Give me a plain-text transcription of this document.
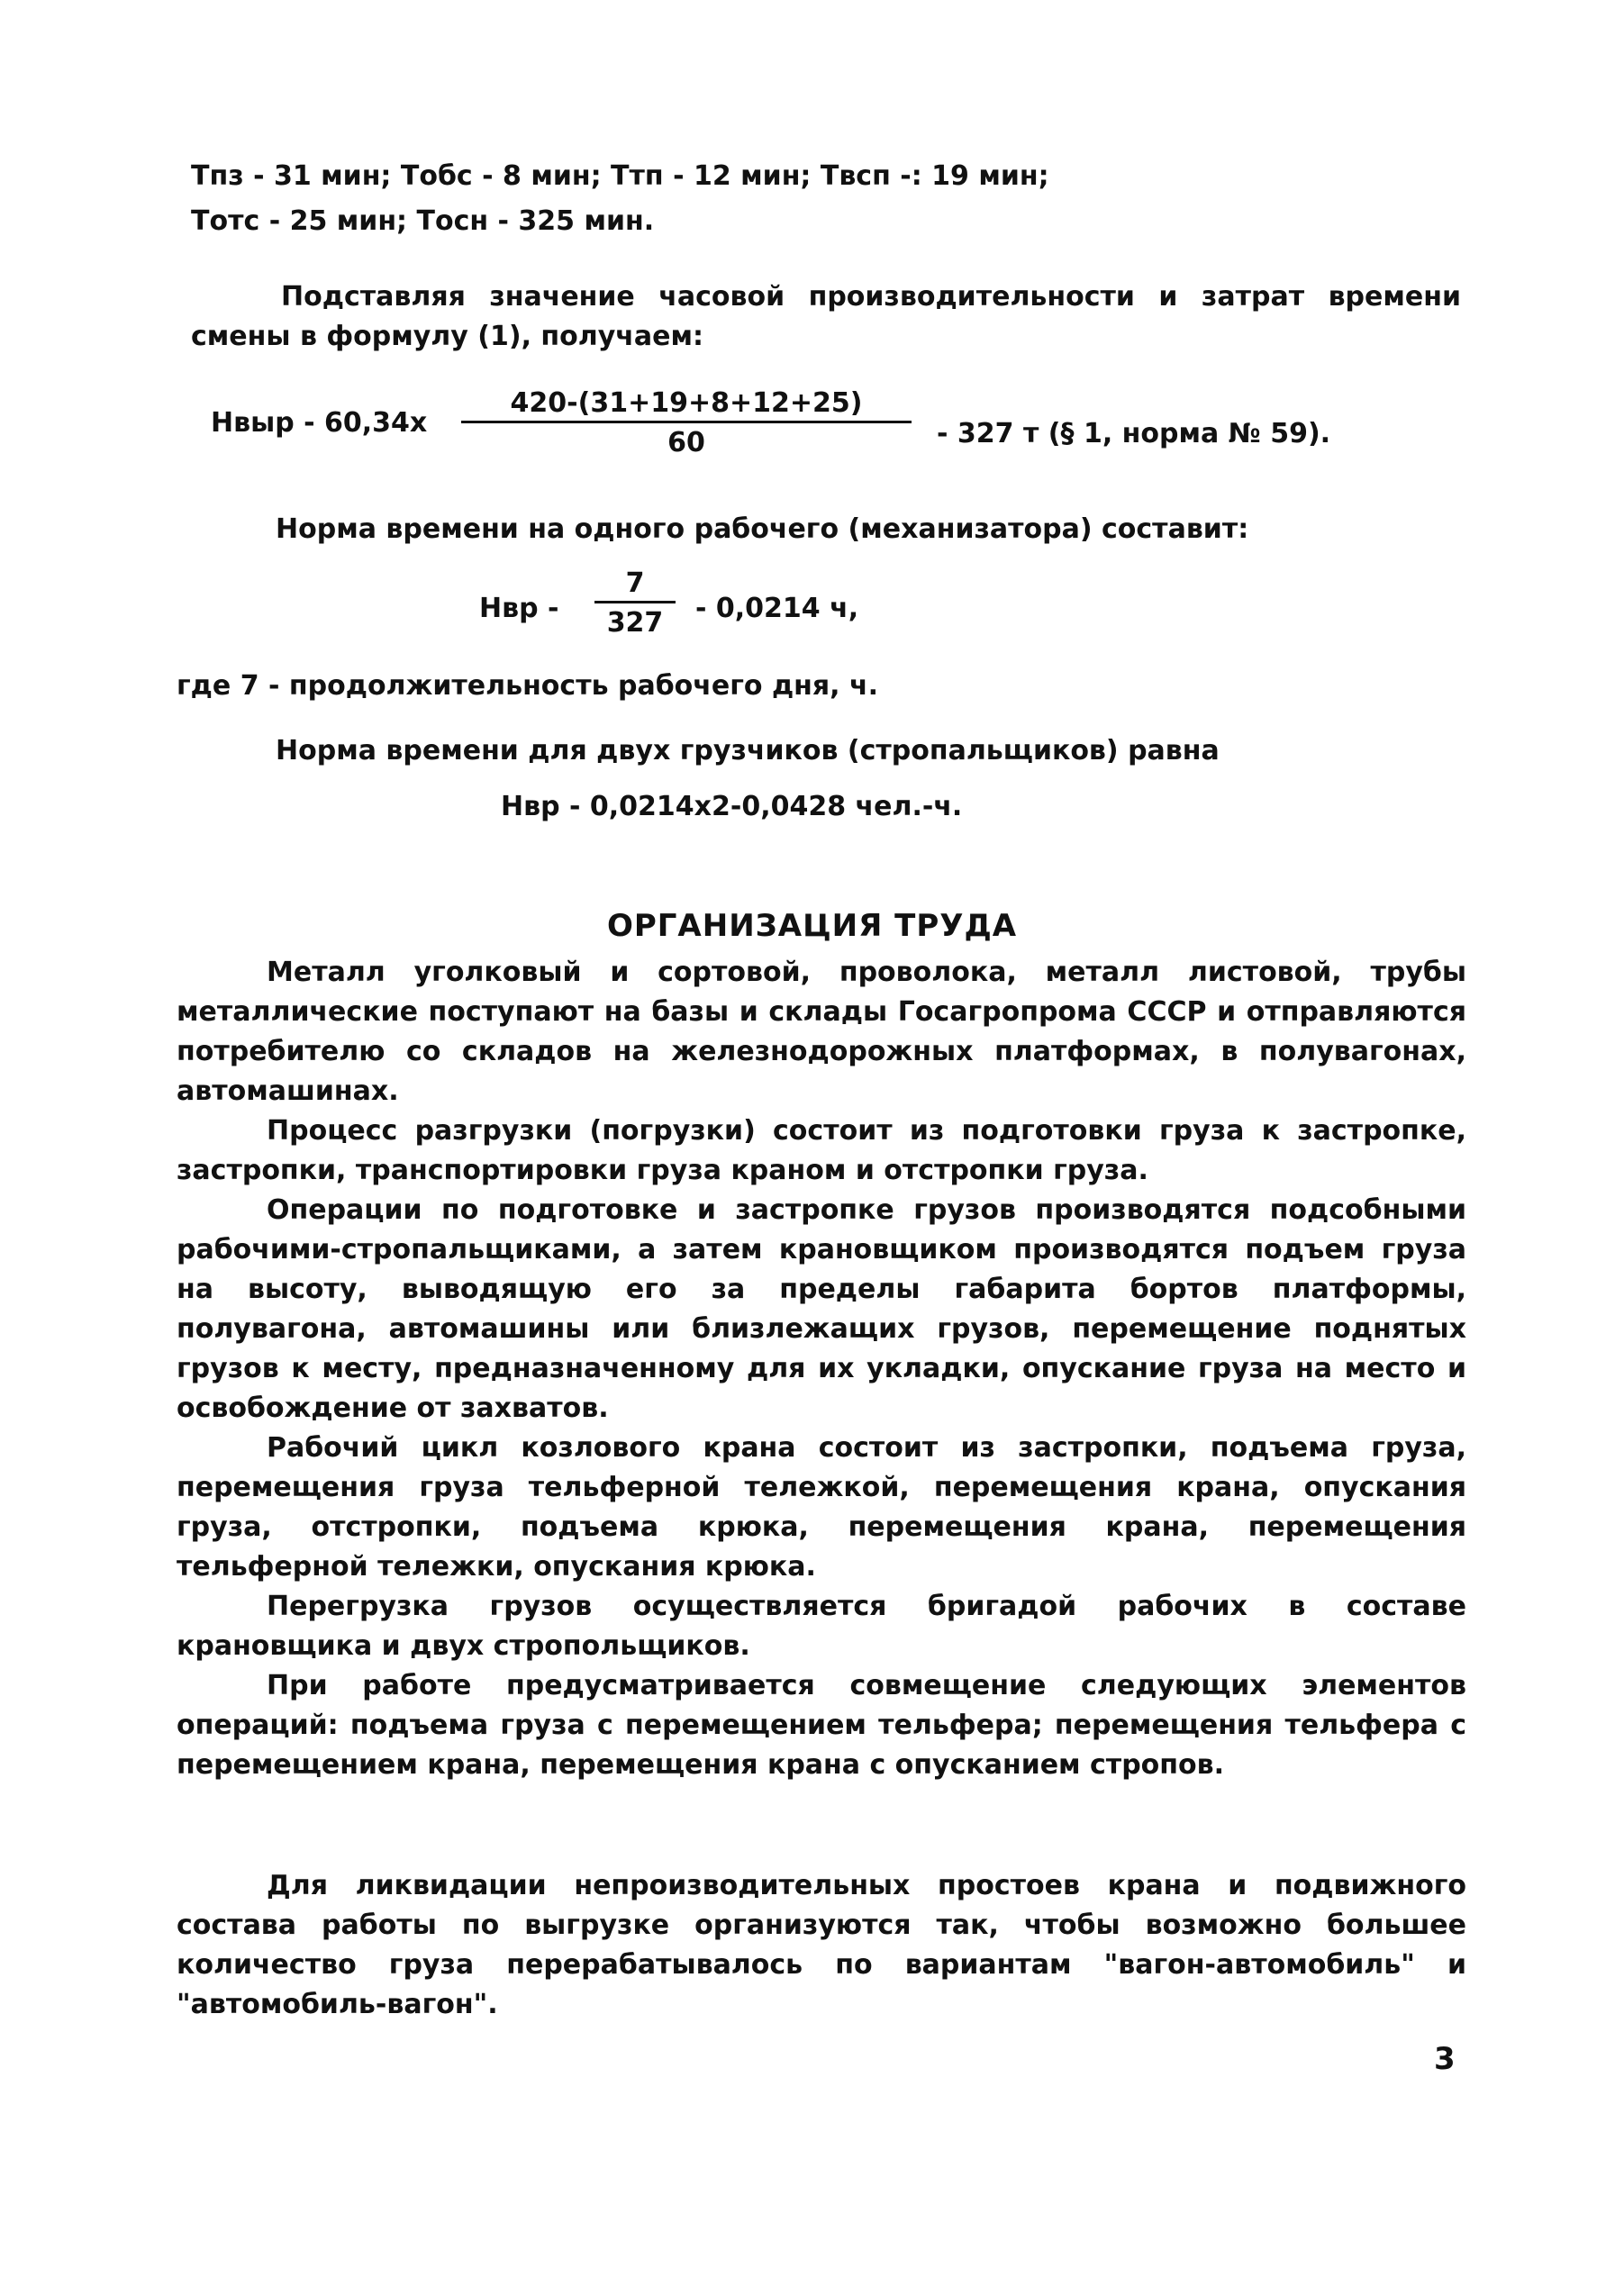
Тпз - 31 мин; Тобс - 8 мин; Ттп - 12 мин; Твсп -: 19 мин;
Тотс - 25 мин; Тосн - 325 мин.

Подставляя значение часовой производительности и затрат времени смены в формулу (1), получаем:

Нвыр - $60,34х \frac{420-(31+19+8+12+25)}{60} - 327$ т (§ 1, норма № 59).
Норма времени на одного рабочего (механизатора) составит:
Нвр - $\frac{7}{327} - 0,0214$ ч,
где 7 - продолжительность рабочего дня, ч.
Норма времени для двух грузчиков (стропальщиков) равна
Нвр - 0,0214х2-0,0428 чел.-ч.
ОРГАНИЗАЦИЯ ТРУДА

Металл уголковый и сортовой, проволока, металл листовой, трубы металлические поступают на базы и склады Госагропрома СССР и отправляются потребителю со складов на железнодорожных платформах, в полувагонах, автомашинах.

Процесс разгрузки (погрузки) состоит из подготовки груза к застропке, застропки, транспортировки груза краном и отстропки груза.

Операции по подготовке и застропке грузов производятся подсобными рабочими-стропальщиками, а затем крановщиком производятся подъем груза на высоту, выводящую его за пределы габарита бортов платформы, полувагона, автомашины или близлежащих грузов, перемещение поднятых грузов к месту, предназначенному для их укладки, опускание груза на место и освобождение от захватов.

Рабочий цикл козлового крана состоит из застропки, подъема груза, перемещения груза тельферной тележкой, перемещения крана, опускания груза, отстропки, подъема крюка, перемещения крана, перемещения тельферной тележки, опускания крюка.

Перегрузка грузов осуществляется бригадой рабочих в составе крановщика и двух стропольщиков.

При работе предусматривается совмещение следующих элементов операций: подъема груза с перемещением тельфера; перемещения тельфера с перемещением крана, перемещения крана с опусканием стропов.

Для ликвидации непроизводительных простоев крана и подвижного состава работы по выгрузке организуются так, чтобы возможно большее количество груза перерабатывалось по вариантам "вагон-автомобиль" и "автомобиль-вагон".

3
